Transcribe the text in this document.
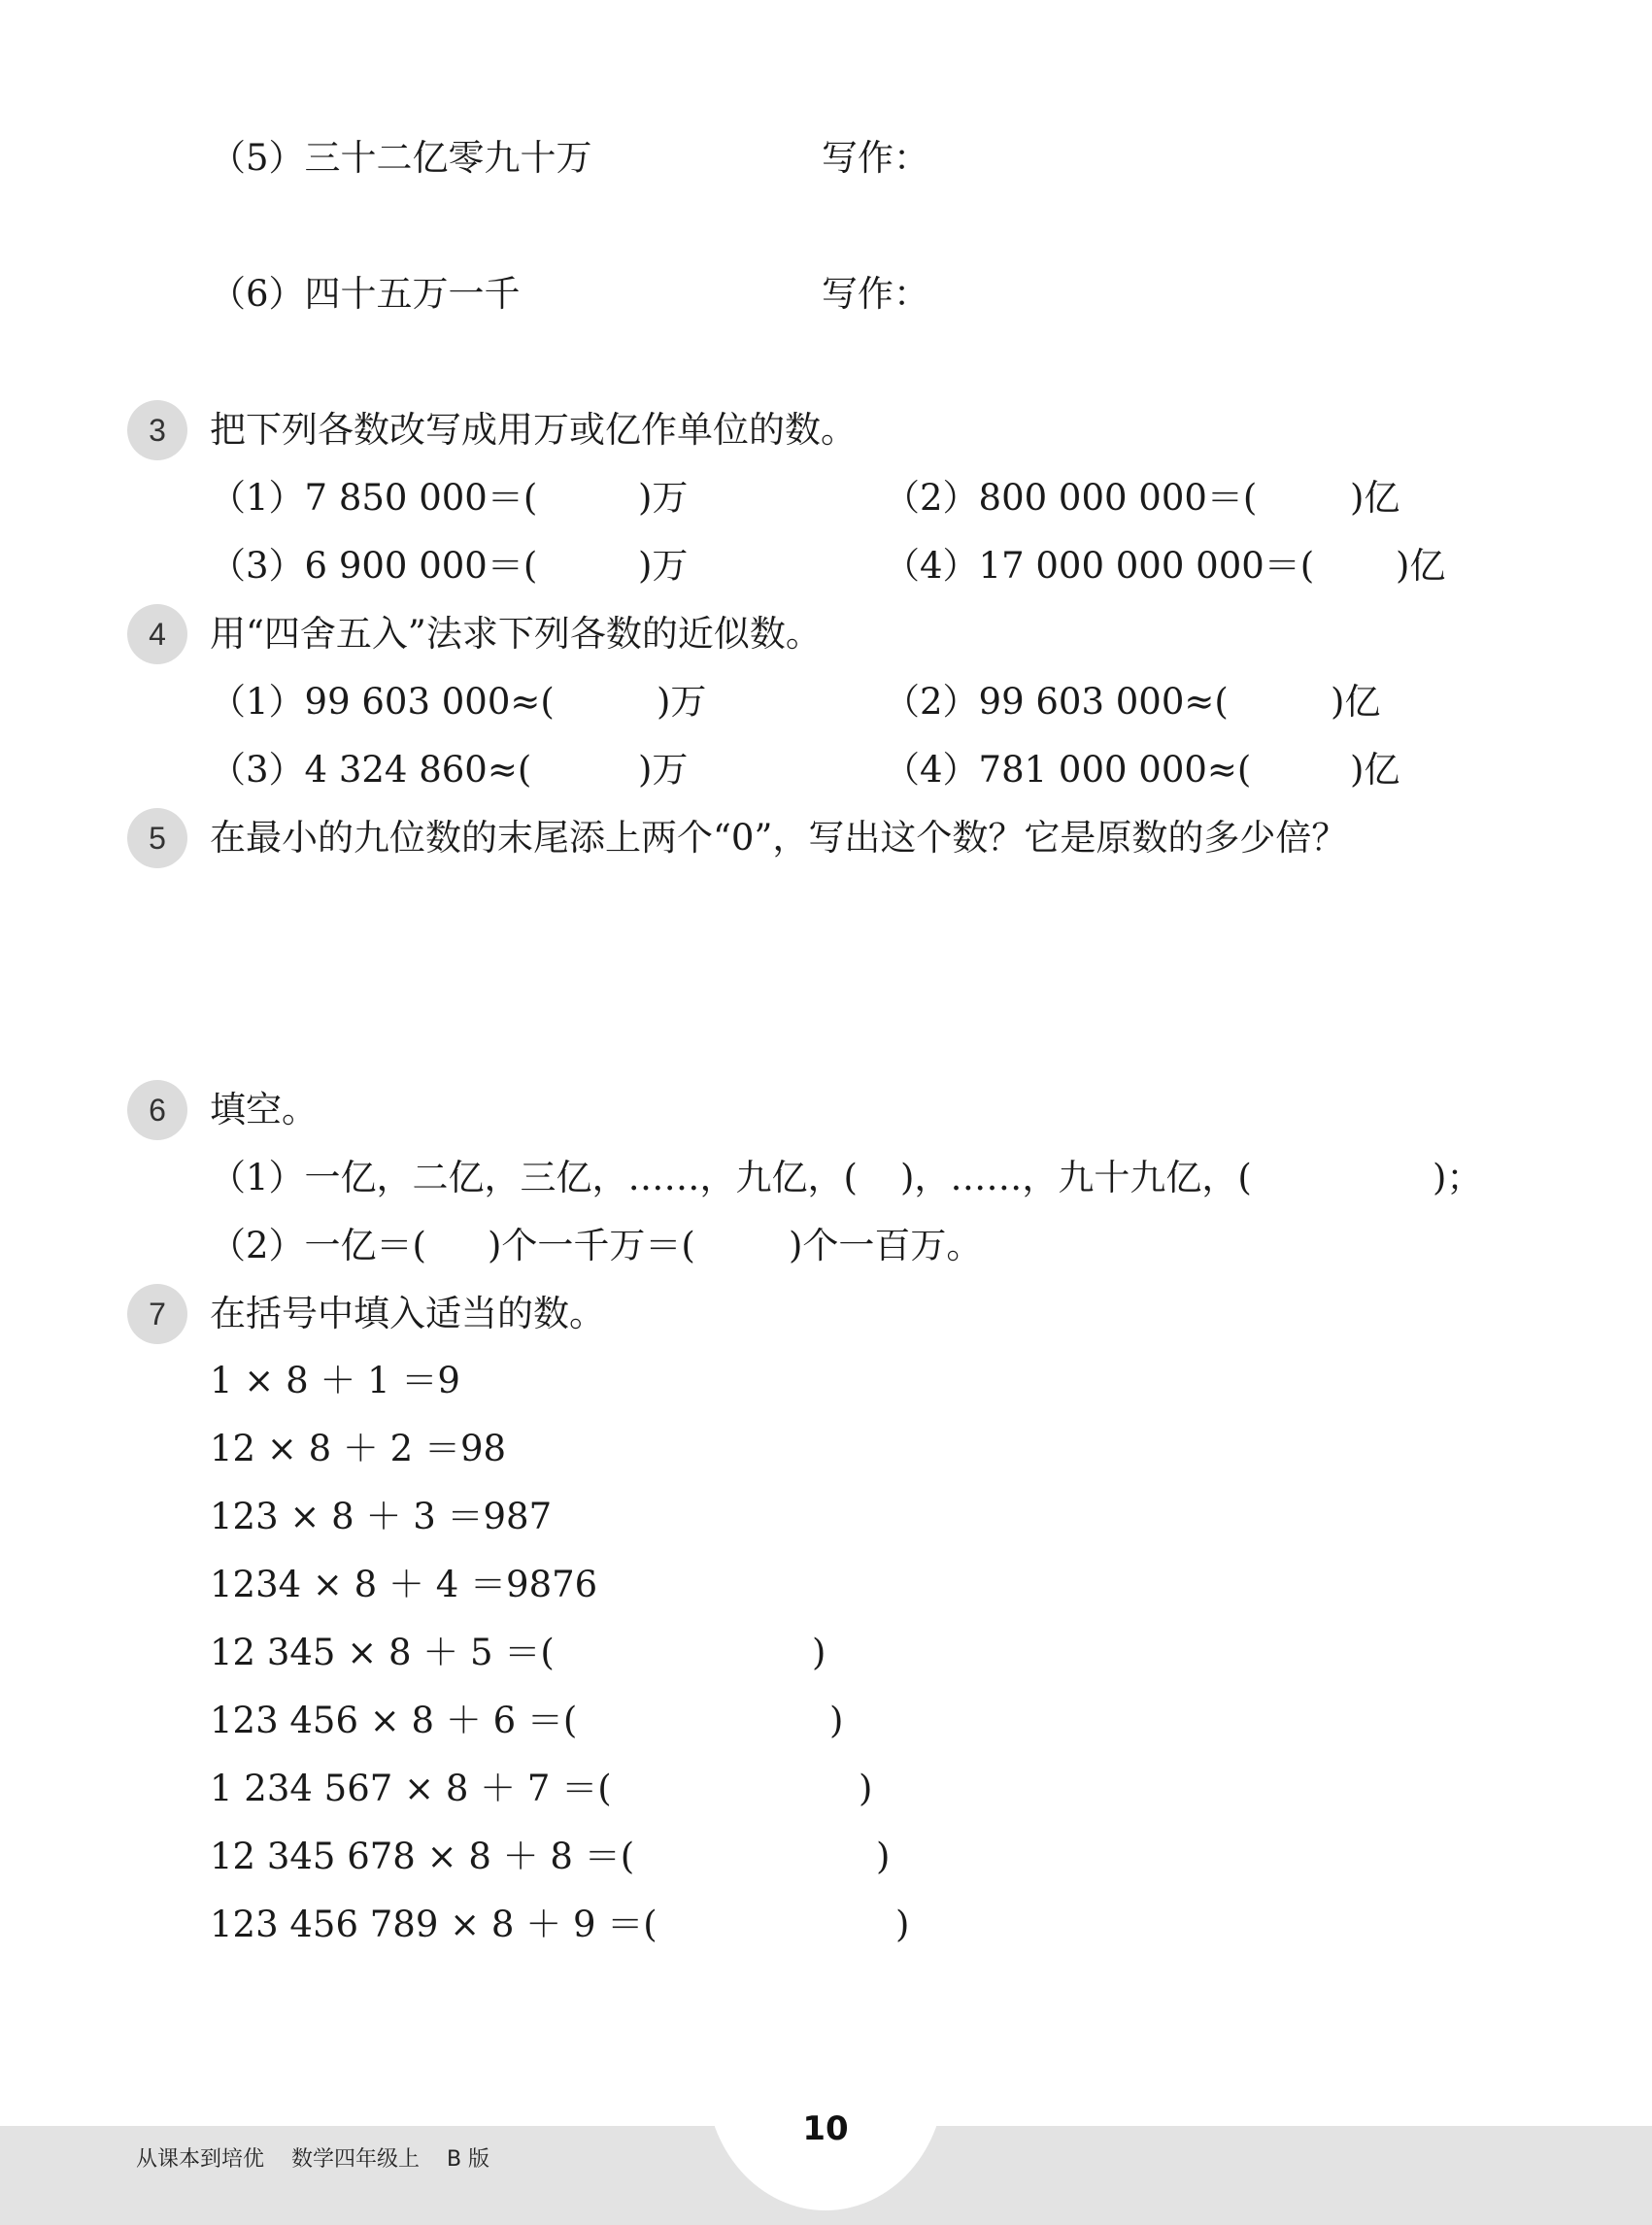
（5）三十二亿零九十万	写作：
（6）四十五万一千	写作：
3	把下列各数改写成用万或亿作单位的数。
（1）7 850 000＝(	)万	（2）800 000 000＝(	)亿
（3）6 900 000＝(	)万	（4）17 000 000 000＝( )亿
4	用“四舍五入”法求下列各数的近似数。
（1）99 603 000≈(	)万	（2）99 603 000≈(	)亿
（3）4 324 860≈(	)万	（4）781 000 000≈(	)亿
5	在最小的九位数的末尾添上两个“0”，写出这个数？它是原数的多少倍？
6	填空。
（1）一亿，二亿，三亿，……，九亿，( )，……，九十九亿，(	)；
（2）一亿＝( )个一千万＝(	)个一百万。
7	在括号中填入适当的数。
1 × 8 ＋ 1 ＝9
12 × 8 ＋ 2 ＝98
123 × 8 ＋ 3 ＝987
1234 × 8 ＋ 4 ＝9876
12 345 × 8 ＋ 5 ＝(	)
123 456 × 8 ＋ 6 ＝(	)
1 234 567 × 8 ＋ 7 ＝(	)
12 345 678 × 8 ＋ 8 ＝(	)
123 456 789 × 8 ＋ 9 ＝(	)
从课本到培优    数学四年级上    B 版
10
